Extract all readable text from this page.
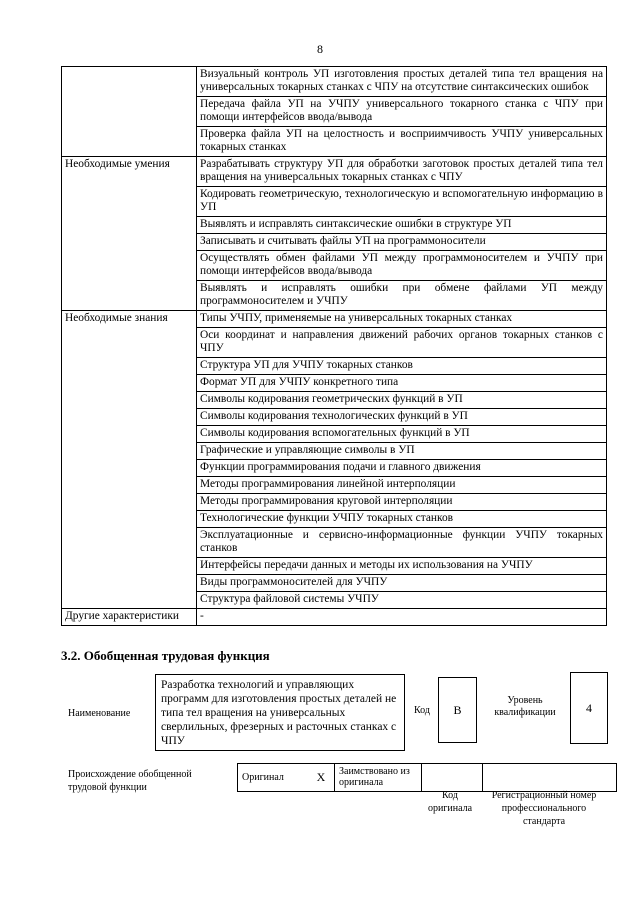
8
	Визуальный контроль УП изготовления простых деталей типа тел вращения на универсальных токарных станках с ЧПУ на отсутствие синтаксических ошибок
	Передача файла УП на УЧПУ универсального токарного станка с ЧПУ при помощи интерфейсов ввода/вывода
	Проверка файла УП на целостность и восприимчивость УЧПУ универсальных токарных станках
Необходимые умения	Разрабатывать структуру УП для обработки заготовок простых деталей типа тел вращения на универсальных токарных станках с ЧПУ
	Кодировать геометрическую, технологическую и вспомогательную информацию в УП
	Выявлять и исправлять синтаксические ошибки в структуре УП
	Записывать и считывать файлы УП на программоносители
	Осуществлять обмен файлами УП между программоносителем и УЧПУ при помощи интерфейсов ввода/вывода
	Выявлять и исправлять ошибки при обмене файлами УП между программоносителем и УЧПУ
Необходимые знания	Типы УЧПУ, применяемые на универсальных токарных станках
	Оси координат и направления движений рабочих органов токарных станков с ЧПУ
	Структура УП для УЧПУ токарных станков
	Формат УП для УЧПУ конкретного типа
	Символы кодирования геометрических функций в УП
	Символы кодирования технологических функций в УП
	Символы кодирования вспомогательных функций в УП
	Графические и управляющие символы в УП
	Функции программирования подачи и главного движения
	Методы программирования линейной интерполяции
	Методы программирования круговой интерполяции
	Технологические функции УЧПУ токарных станков
	Эксплуатационные и сервисно-информационные функции УЧПУ токарных станков
	Интерфейсы передачи данных и методы их использования на УЧПУ
	Виды программоносителей для УЧПУ
	Структура файловой системы УЧПУ
Другие характеристики	-
3.2. Обобщенная трудовая функция
Наименование
Разработка технологий и управляющих программ для изготовления простых деталей не типа тел вращения на универсальных сверлильных, фрезерных и расточных станках с ЧПУ
Код	B
Уровень квалификации	4
Происхождение обобщенной трудовой функции
Оригинал	X	Заимствовано из оригинала		
Код оригинала
Регистрационный номер профессионального стандарта
